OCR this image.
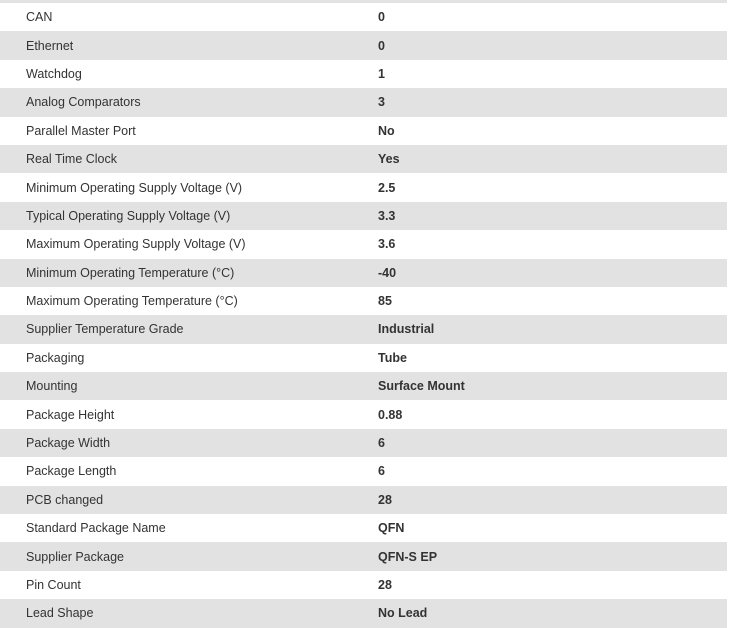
CAN	0
Ethernet	0
Watchdog	1
Analog Comparators	3
Parallel Master Port	No
Real Time Clock	Yes
Minimum Operating Supply Voltage (V)	2.5
Typical Operating Supply Voltage (V)	3.3
Maximum Operating Supply Voltage (V)	3.6
Minimum Operating Temperature (°C)	-40
Maximum Operating Temperature (°C)	85
Supplier Temperature Grade	Industrial
Packaging	Tube
Mounting	Surface Mount
Package Height	0.88
Package Width	6
Package Length	6
PCB changed	28
Standard Package Name	QFN
Supplier Package	QFN-S EP
Pin Count	28
Lead Shape	No Lead
